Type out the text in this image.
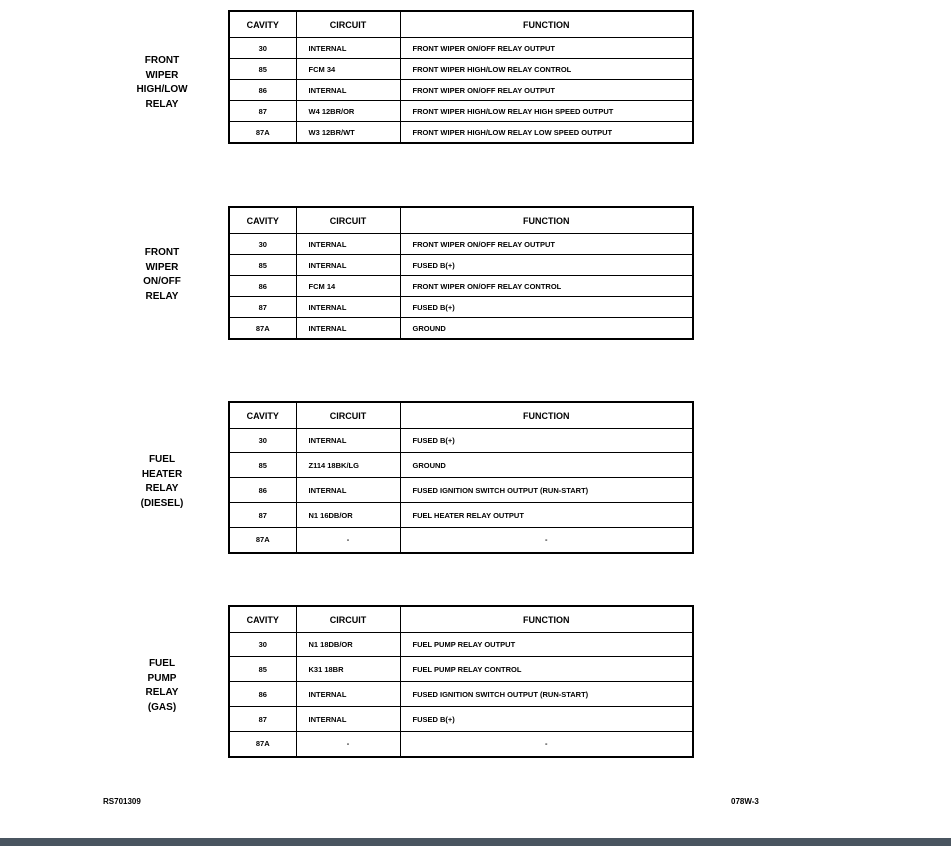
FRONT
WIPER
HIGH/LOW
RELAY
CAVITY	CIRCUIT	FUNCTION
30	INTERNAL	FRONT WIPER ON/OFF RELAY OUTPUT
85	FCM 34	FRONT WIPER HIGH/LOW RELAY CONTROL
86	INTERNAL	FRONT WIPER ON/OFF RELAY OUTPUT
87	W4 12BR/OR	FRONT WIPER HIGH/LOW RELAY HIGH SPEED OUTPUT
87A	W3 12BR/WT	FRONT WIPER HIGH/LOW RELAY LOW SPEED OUTPUT
FRONT
WIPER
ON/OFF
RELAY
CAVITY	CIRCUIT	FUNCTION
30	INTERNAL	FRONT WIPER ON/OFF RELAY OUTPUT
85	INTERNAL	FUSED B(+)
86	FCM 14	FRONT WIPER ON/OFF RELAY CONTROL
87	INTERNAL	FUSED B(+)
87A	INTERNAL	GROUND
FUEL
HEATER
RELAY
(DIESEL)
CAVITY	CIRCUIT	FUNCTION
30	INTERNAL	FUSED B(+)
85	Z114 18BK/LG	GROUND
86	INTERNAL	FUSED IGNITION SWITCH OUTPUT (RUN-START)
87	N1 16DB/OR	FUEL HEATER RELAY OUTPUT
87A	-	-
FUEL
PUMP
RELAY
(GAS)
CAVITY	CIRCUIT	FUNCTION
30	N1 18DB/OR	FUEL PUMP RELAY OUTPUT
85	K31 18BR	FUEL PUMP RELAY CONTROL
86	INTERNAL	FUSED IGNITION SWITCH OUTPUT (RUN-START)
87	INTERNAL	FUSED B(+)
87A	-	-
RS701309	078W-3
